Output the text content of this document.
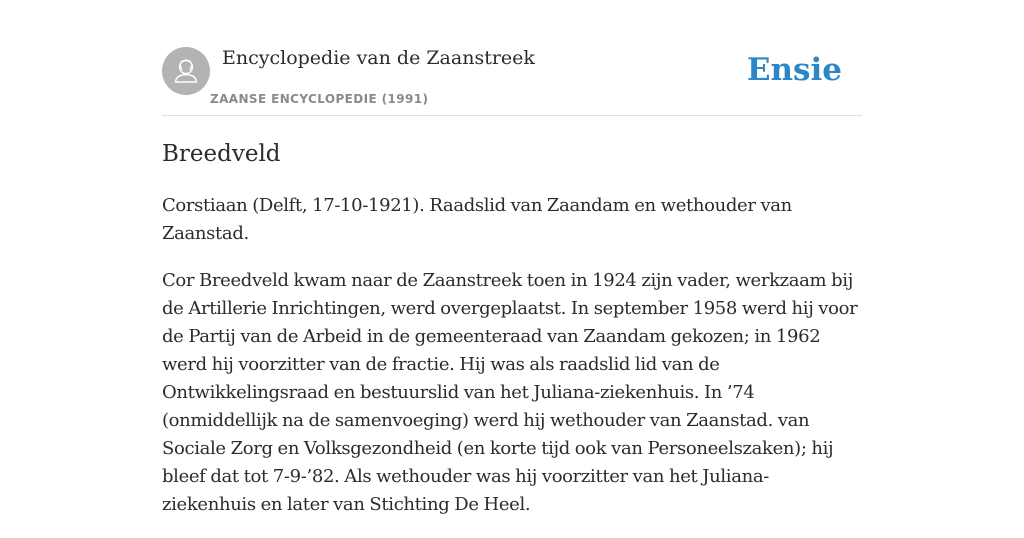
Encyclopedie van de Zaanstreek
ZAANSE ENCYCLOPEDIE (1991)
Ensie
Breedveld

Corstiaan (Delft, 17-10-1921). Raadslid van Zaandam en wethouder van Zaanstad.

Cor Breedveld kwam naar de Zaanstreek toen in 1924 zijn vader, werkzaam bij de Artillerie Inrichtingen, werd overgeplaatst. In september 1958 werd hij voor de Partij van de Arbeid in de gemeenteraad van Zaandam gekozen; in 1962 werd hij voorzitter van de fractie. Hij was als raadslid lid van de Ontwikkelingsraad en bestuurslid van het Juliana-ziekenhuis. In ’74 (onmiddellijk na de samenvoeging) werd hij wethouder van Zaanstad. van Sociale Zorg en Volksgezondheid (en korte tijd ook van Personeelszaken); hij bleef dat tot 7-9-’82. Als wethouder was hij voorzitter van het Juliana-ziekenhuis en later van Stichting De Heel.
